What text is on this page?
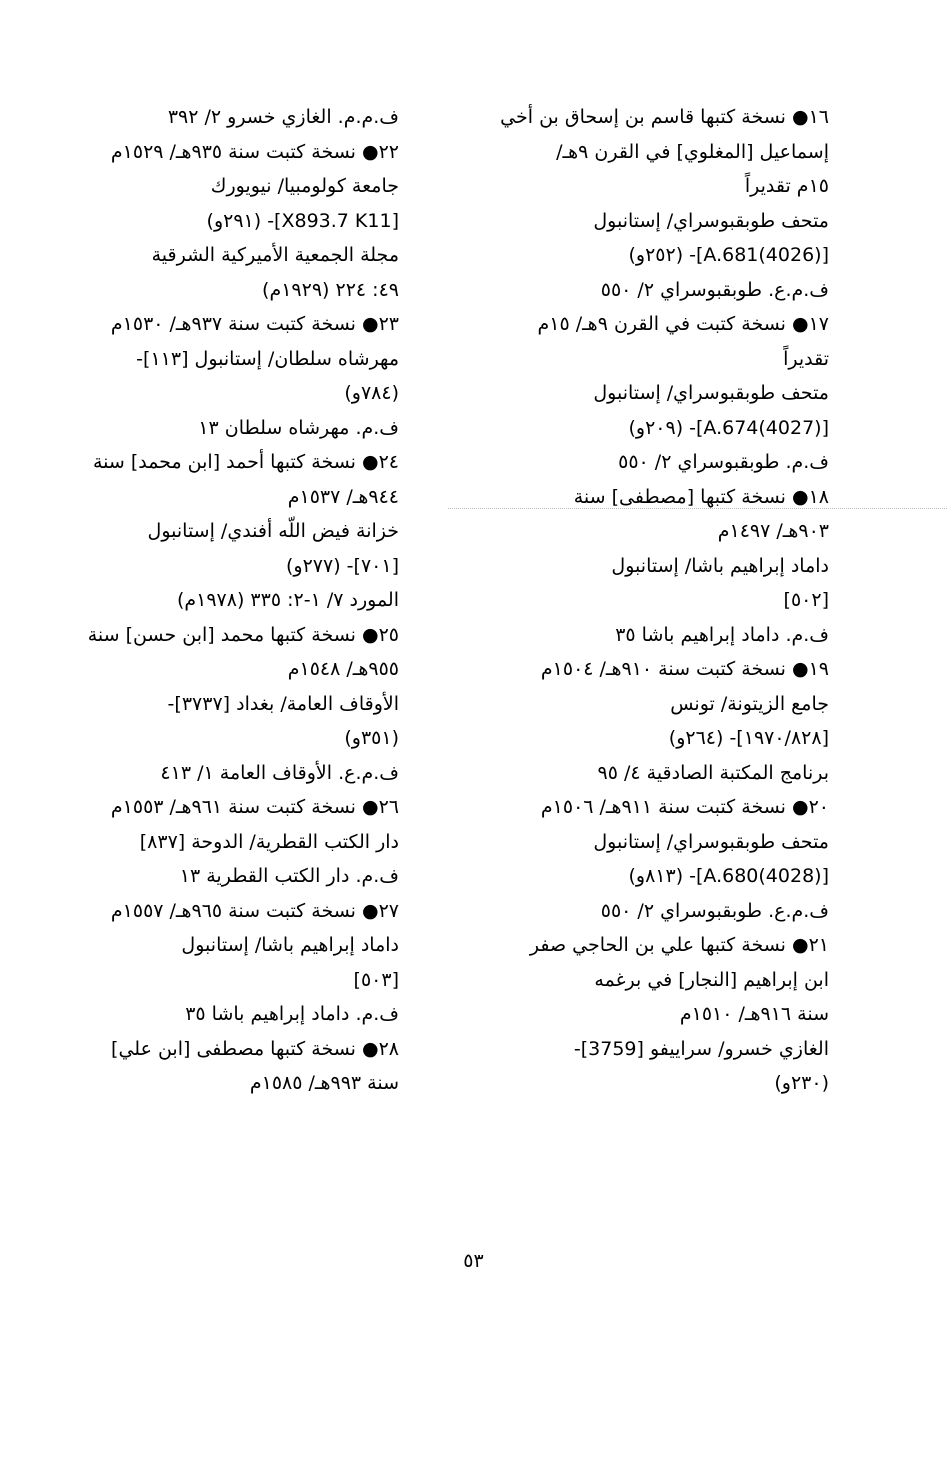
١٦● نسخة كتبها قاسم بن إسحاق بن أخي
إسماعيل [المغلوي] في القرن ٩هـ/
١٥م تقديراً
متحف طوبقبوسراي/ إستانبول
[A.681(4026)]- (٢٥٢و)
ف.م.ع. طوبقبوسراي ٢/ ٥٥٠
١٧● نسخة كتبت في القرن ٩هـ/ ١٥م
تقديراً
متحف طوبقبوسراي/ إستانبول
[A.674(4027)]- (٢٠٩و)
ف.م. طوبقبوسراي ٢/ ٥٥٠
١٨● نسخة كتبها [مصطفى] سنة
٩٠٣هـ/ ١٤٩٧م
داماد إبراهيم باشا/ إستانبول
[٥٠٢]
ف.م. داماد إبراهيم باشا ٣٥
١٩● نسخة كتبت سنة ٩١٠هـ/ ١٥٠٤م
جامع الزيتونة/ تونس
[١٩٧٠/٨٢٨]- (٢٦٤و)
برنامج المكتبة الصادقية ٤/ ٩٥
٢٠● نسخة كتبت سنة ٩١١هـ/ ١٥٠٦م
متحف طوبقبوسراي/ إستانبول
[A.680(4028)]- (٨١٣و)
ف.م.ع. طوبقبوسراي ٢/ ٥٥٠
٢١● نسخة كتبها علي بن الحاجي صفر
ابن إبراهيم [النجار] في برغمه
سنة ٩١٦هـ/ ١٥١٠م
الغازي خسرو/ سراييفو [3759]-
(٢٣٠و)
ف.م.م. الغازي خسرو ٢/ ٣٩٢
٢٢● نسخة كتبت سنة ٩٣٥هـ/ ١٥٢٩م
جامعة كولومبيا/ نيويورك
[X893.7 K11]- (٢٩١و)
مجلة الجمعية الأميركية الشرقية
٤٩: ٢٢٤ (١٩٢٩م)
٢٣● نسخة كتبت سنة ٩٣٧هـ/ ١٥٣٠م
مهرشاه سلطان/ إستانبول [١١٣]-
(٧٨٤و)
ف.م. مهرشاه سلطان ١٣
٢٤● نسخة كتبها أحمد [ابن محمد] سنة
٩٤٤هـ/ ١٥٣٧م
خزانة فيض اللّه أفندي/ إستانبول
[٧٠١]- (٢٧٧و)
المورد ٧/ ١-٢: ٣٣٥ (١٩٧٨م)
٢٥● نسخة كتبها محمد [ابن حسن] سنة
٩٥٥هـ/ ١٥٤٨م
الأوقاف العامة/ بغداد [٣٧٣٧]-
(٣٥١و)
ف.م.ع. الأوقاف العامة ١/ ٤١٣
٢٦● نسخة كتبت سنة ٩٦١هـ/ ١٥٥٣م
دار الكتب القطرية/ الدوحة [٨٣٧]
ف.م. دار الكتب القطرية ١٣
٢٧● نسخة كتبت سنة ٩٦٥هـ/ ١٥٥٧م
داماد إبراهيم باشا/ إستانبول
[٥٠٣]
ف.م. داماد إبراهيم باشا ٣٥
٢٨● نسخة كتبها مصطفى [ابن علي]
سنة ٩٩٣هـ/ ١٥٨٥م
٥٣
